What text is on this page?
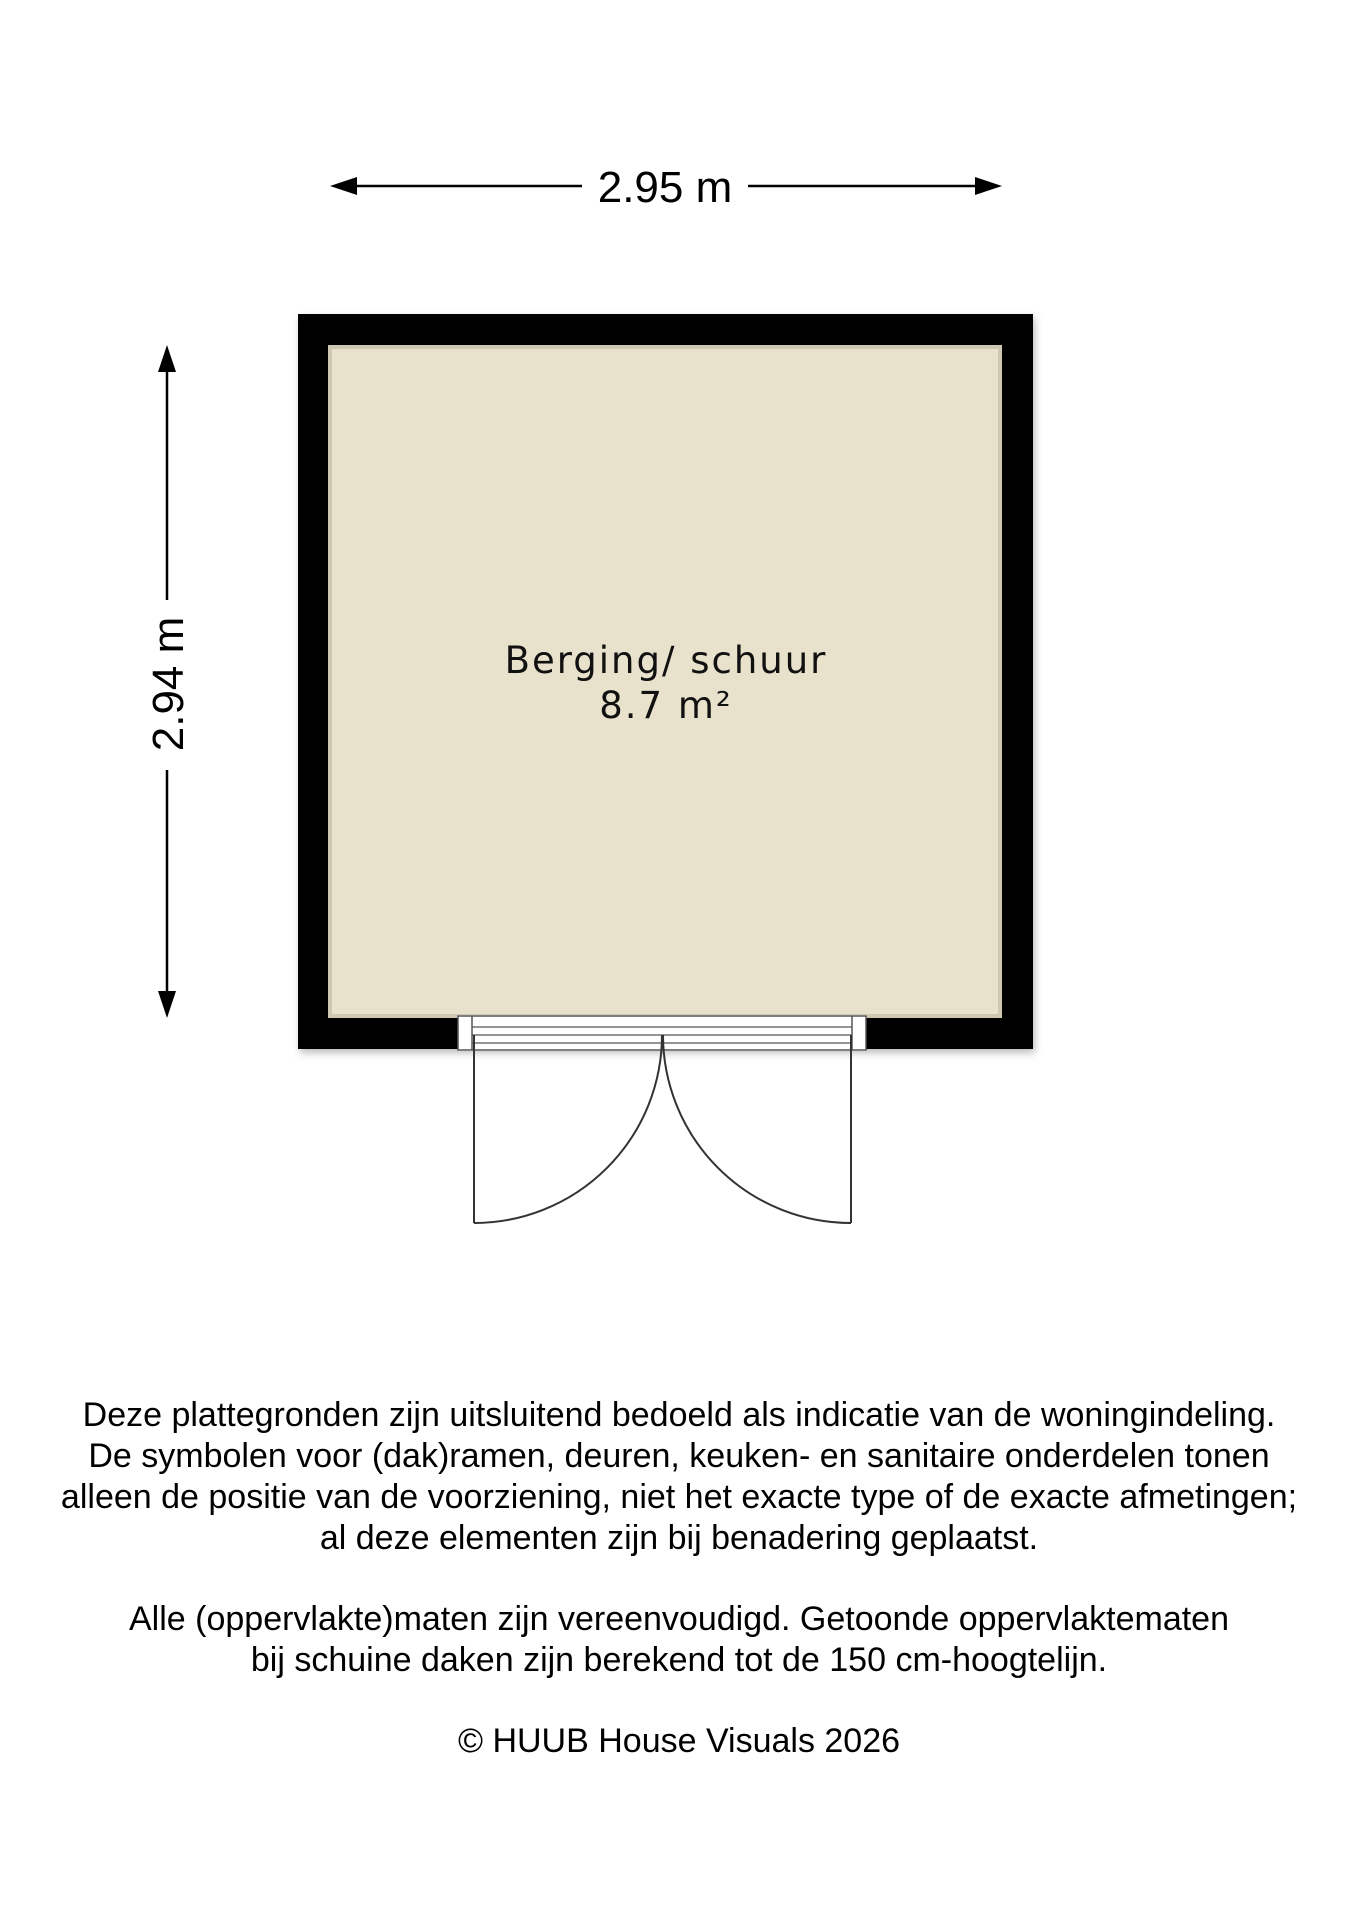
2.95 m
2.94 m	Berging/ schuur
8.7 m²

Deze plattegronden zijn uitsluitend bedoeld als indicatie van de woningindeling.
De symbolen voor (dak)ramen, deuren, keuken- en sanitaire onderdelen tonen
alleen de positie van de voorziening, niet het exacte type of de exacte afmetingen;
al deze elementen zijn bij benadering geplaatst.

Alle (oppervlakte)maten zijn vereenvoudigd. Getoonde oppervlaktematen
bij schuine daken zijn berekend tot de 150 cm-hoogtelijn.

© HUUB House Visuals 2026
